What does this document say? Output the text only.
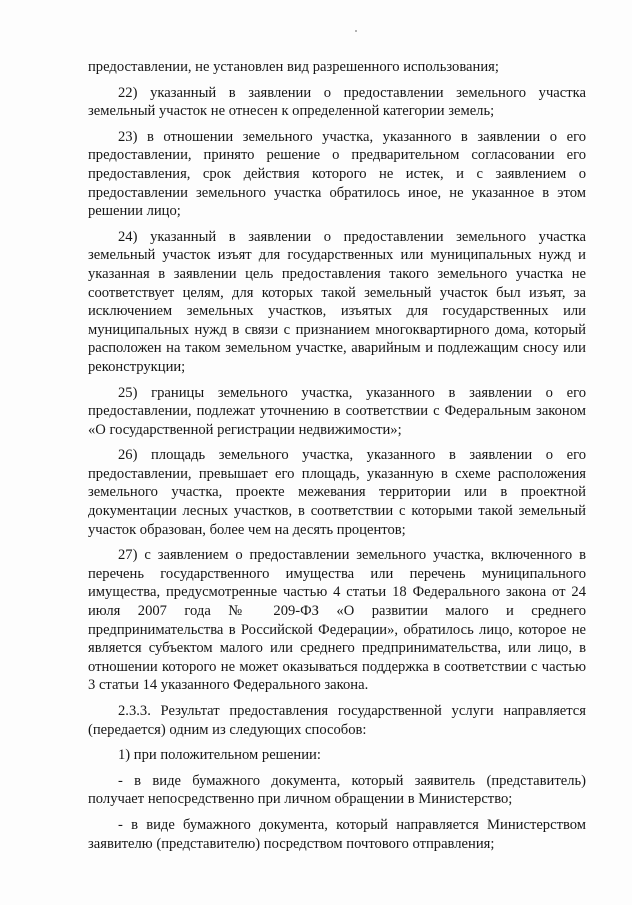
предоставлении, не установлен вид разрешенного использования;

22) указанный в заявлении о предоставлении земельного участка земельный участок не отнесен к определенной категории земель;

23) в отношении земельного участка, указанного в заявлении о его предоставлении, принято решение о предварительном согласовании его предоставления, срок действия которого не истек, и с заявлением о предоставлении земельного участка обратилось иное, не указанное в этом решении лицо;

24) указанный в заявлении о предоставлении земельного участка земельный участок изъят для государственных или муниципальных нужд и указанная в заявлении цель предоставления такого земельного участка не соответствует целям, для которых такой земельный участок был изъят, за исключением земельных участков, изъятых для государственных или муниципальных нужд в связи с признанием многоквартирного дома, который расположен на таком земельном участке, аварийным и подлежащим сносу или реконструкции;

25) границы земельного участка, указанного в заявлении о его предоставлении, подлежат уточнению в соответствии с Федеральным законом «О государственной регистрации недвижимости»;

26) площадь земельного участка, указанного в заявлении о его предоставлении, превышает его площадь, указанную в схеме расположения земельного участка, проекте межевания территории или в проектной документации лесных участков, в соответствии с которыми такой земельный участок образован, более чем на десять процентов;

27) с заявлением о предоставлении земельного участка, включенного в перечень государственного имущества или перечень муниципального имущества, предусмотренные частью 4 статьи 18 Федерального закона от 24 июля 2007 года № 209-ФЗ «О развитии малого и среднего предпринимательства в Российской Федерации», обратилось лицо, которое не является субъектом малого или среднего предпринимательства, или лицо, в отношении которого не может оказываться поддержка в соответствии с частью 3 статьи 14 указанного Федерального закона.

2.3.3. Результат предоставления государственной услуги направляется (передается) одним из следующих способов:

1) при положительном решении:

- в виде бумажного документа, который заявитель (представитель) получает непосредственно при личном обращении в Министерство;

- в виде бумажного документа, который направляется Министерством заявителю (представителю) посредством почтового отправления;
